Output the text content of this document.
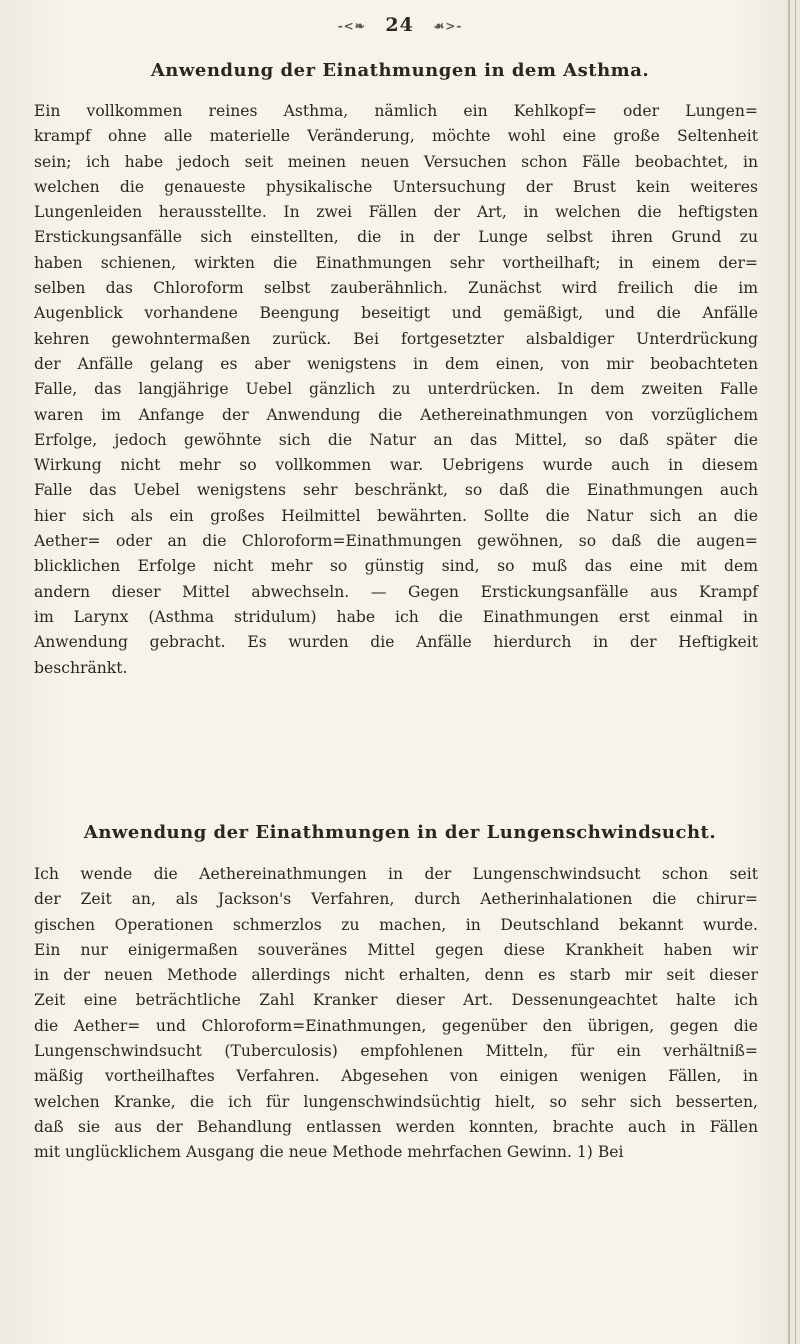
-<❧ 24 ☙>-
Anwendung der Einathmungen in dem Asthma.
Ein vollkommen reines Asthma, nämlich ein Kehlkopf= oder Lungen=
krampf ohne alle materielle Veränderung, möchte wohl eine große Seltenheit
sein; ich habe jedoch seit meinen neuen Versuchen schon Fälle beobachtet, in
welchen die genaueste physikalische Untersuchung der Brust kein weiteres
Lungenleiden herausstellte. In zwei Fällen der Art, in welchen die heftigsten
Erstickungsanfälle sich einstellten, die in der Lunge selbst ihren Grund zu
haben schienen, wirkten die Einathmungen sehr vortheilhaft; in einem der=
selben das Chloroform selbst zauberähnlich. Zunächst wird freilich die im
Augenblick vorhandene Beengung beseitigt und gemäßigt, und die Anfälle
kehren gewohntermaßen zurück. Bei fortgesetzter alsbaldiger Unterdrückung
der Anfälle gelang es aber wenigstens in dem einen, von mir beobachteten
Falle, das langjährige Uebel gänzlich zu unterdrücken. In dem zweiten Falle
waren im Anfange der Anwendung die Aethereinathmungen von vorzüglichem
Erfolge, jedoch gewöhnte sich die Natur an das Mittel, so daß später die
Wirkung nicht mehr so vollkommen war. Uebrigens wurde auch in diesem
Falle das Uebel wenigstens sehr beschränkt, so daß die Einathmungen auch
hier sich als ein großes Heilmittel bewährten. Sollte die Natur sich an die
Aether= oder an die Chloroform=Einathmungen gewöhnen, so daß die augen=
blicklichen Erfolge nicht mehr so günstig sind, so muß das eine mit dem
andern dieser Mittel abwechseln. — Gegen Erstickungsanfälle aus Krampf
im Larynx (Asthma stridulum) habe ich die Einathmungen erst einmal in
Anwendung gebracht. Es wurden die Anfälle hierdurch in der Heftigkeit
beschränkt.
Anwendung der Einathmungen in der Lungenschwindsucht.
Ich wende die Aethereinathmungen in der Lungenschwindsucht schon seit
der Zeit an, als Jackson's Verfahren, durch Aetherinhalationen die chirur=
gischen Operationen schmerzlos zu machen, in Deutschland bekannt wurde.
Ein nur einigermaßen souveränes Mittel gegen diese Krankheit haben wir
in der neuen Methode allerdings nicht erhalten, denn es starb mir seit dieser
Zeit eine beträchtliche Zahl Kranker dieser Art. Dessenungeachtet halte ich
die Aether= und Chloroform=Einathmungen, gegenüber den übrigen, gegen die
Lungenschwindsucht (Tuberculosis) empfohlenen Mitteln, für ein verhältniß=
mäßig vortheilhaftes Verfahren. Abgesehen von einigen wenigen Fällen, in
welchen Kranke, die ich für lungenschwindsüchtig hielt, so sehr sich besserten,
daß sie aus der Behandlung entlassen werden konnten, brachte auch in Fällen
mit unglücklichem Ausgang die neue Methode mehrfachen Gewinn. 1) Bei
